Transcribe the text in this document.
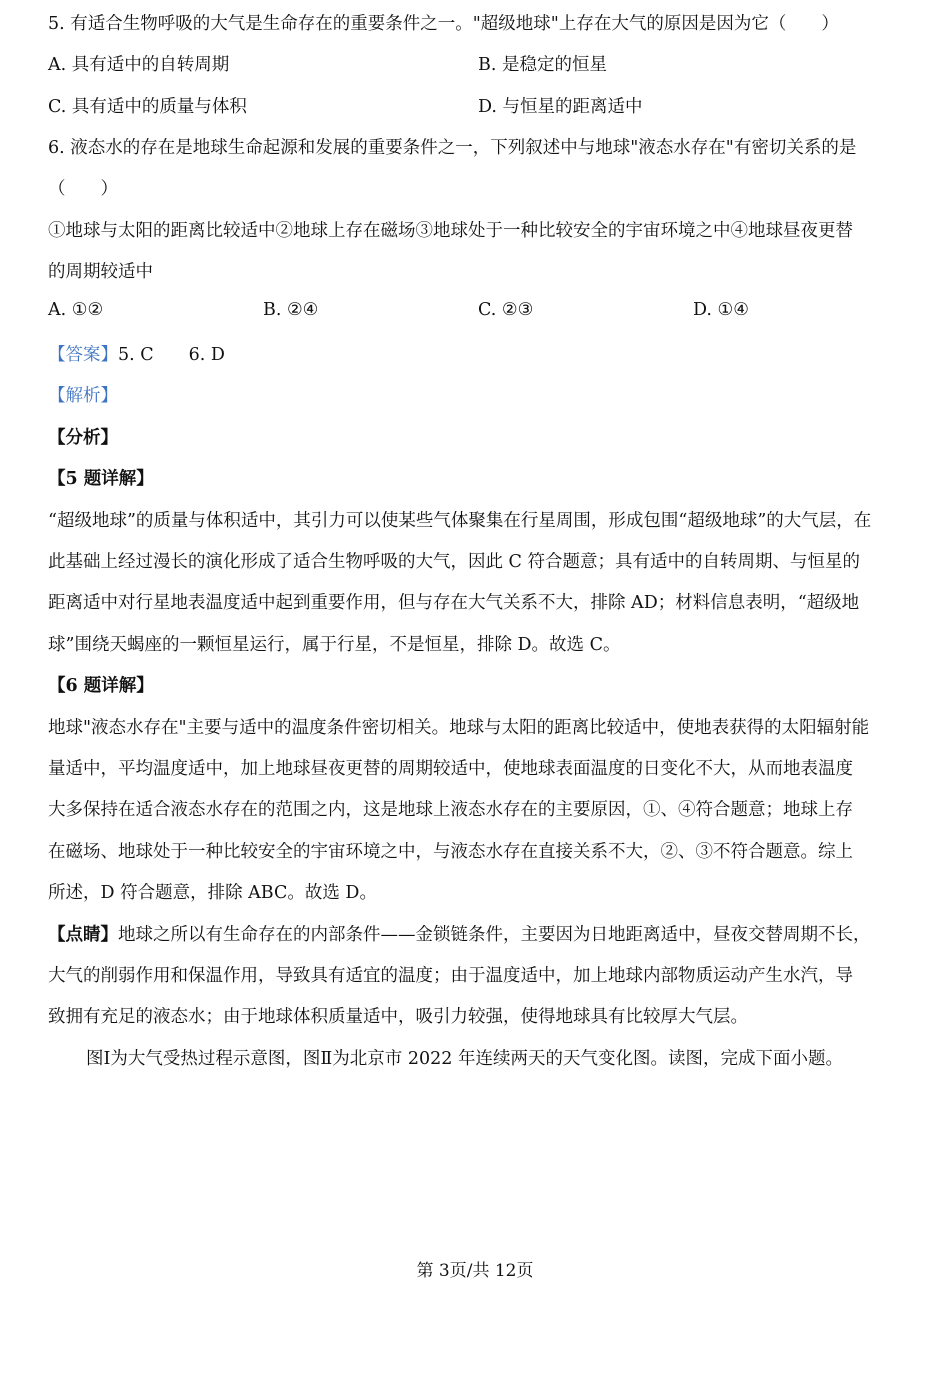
5. 有适合生物呼吸的大气是生命存在的重要条件之一。"超级地球"上存在大气的原因是因为它（　　）
A. 具有适中的自转周期	B. 是稳定的恒星
C. 具有适中的质量与体积	D. 与恒星的距离适中
6. 液态水的存在是地球生命起源和发展的重要条件之一，下列叙述中与地球"液态水存在"有密切关系的是
（　　）
①地球与太阳的距离比较适中②地球上存在磁场③地球处于一种比较安全的宇宙环境之中④地球昼夜更替
的周期较适中
A. ①②	B. ②④	C. ②③	D. ①④
【答案】5. C　　6. D
【解析】
【分析】
【5 题详解】
“超级地球”的质量与体积适中，其引力可以使某些气体聚集在行星周围，形成包围“超级地球”的大气层，在
此基础上经过漫长的演化形成了适合生物呼吸的大气，因此 C 符合题意；具有适中的自转周期、与恒星的
距离适中对行星地表温度适中起到重要作用，但与存在大气关系不大，排除 AD；材料信息表明，“超级地
球”围绕天蝎座的一颗恒星运行，属于行星，不是恒星，排除 D。故选 C。
【6 题详解】
地球"液态水存在"主要与适中的温度条件密切相关。地球与太阳的距离比较适中，使地表获得的太阳辐射能
量适中，平均温度适中，加上地球昼夜更替的周期较适中，使地球表面温度的日变化不大，从而地表温度
大多保持在适合液态水存在的范围之内，这是地球上液态水存在的主要原因，①、④符合题意；地球上存
在磁场、地球处于一种比较安全的宇宙环境之中，与液态水存在直接关系不大，②、③不符合题意。综上
所述，D 符合题意，排除 ABC。故选 D。
【点睛】地球之所以有生命存在的内部条件——金锁链条件，主要因为日地距离适中，昼夜交替周期不长，
大气的削弱作用和保温作用，导致具有适宜的温度；由于温度适中，加上地球内部物质运动产生水汽，导
致拥有充足的液态水；由于地球体积质量适中，吸引力较强，使得地球具有比较厚大气层。
图Ⅰ为大气受热过程示意图，图Ⅱ为北京市 2022 年连续两天的天气变化图。读图，完成下面小题。
第 3页/共 12页
